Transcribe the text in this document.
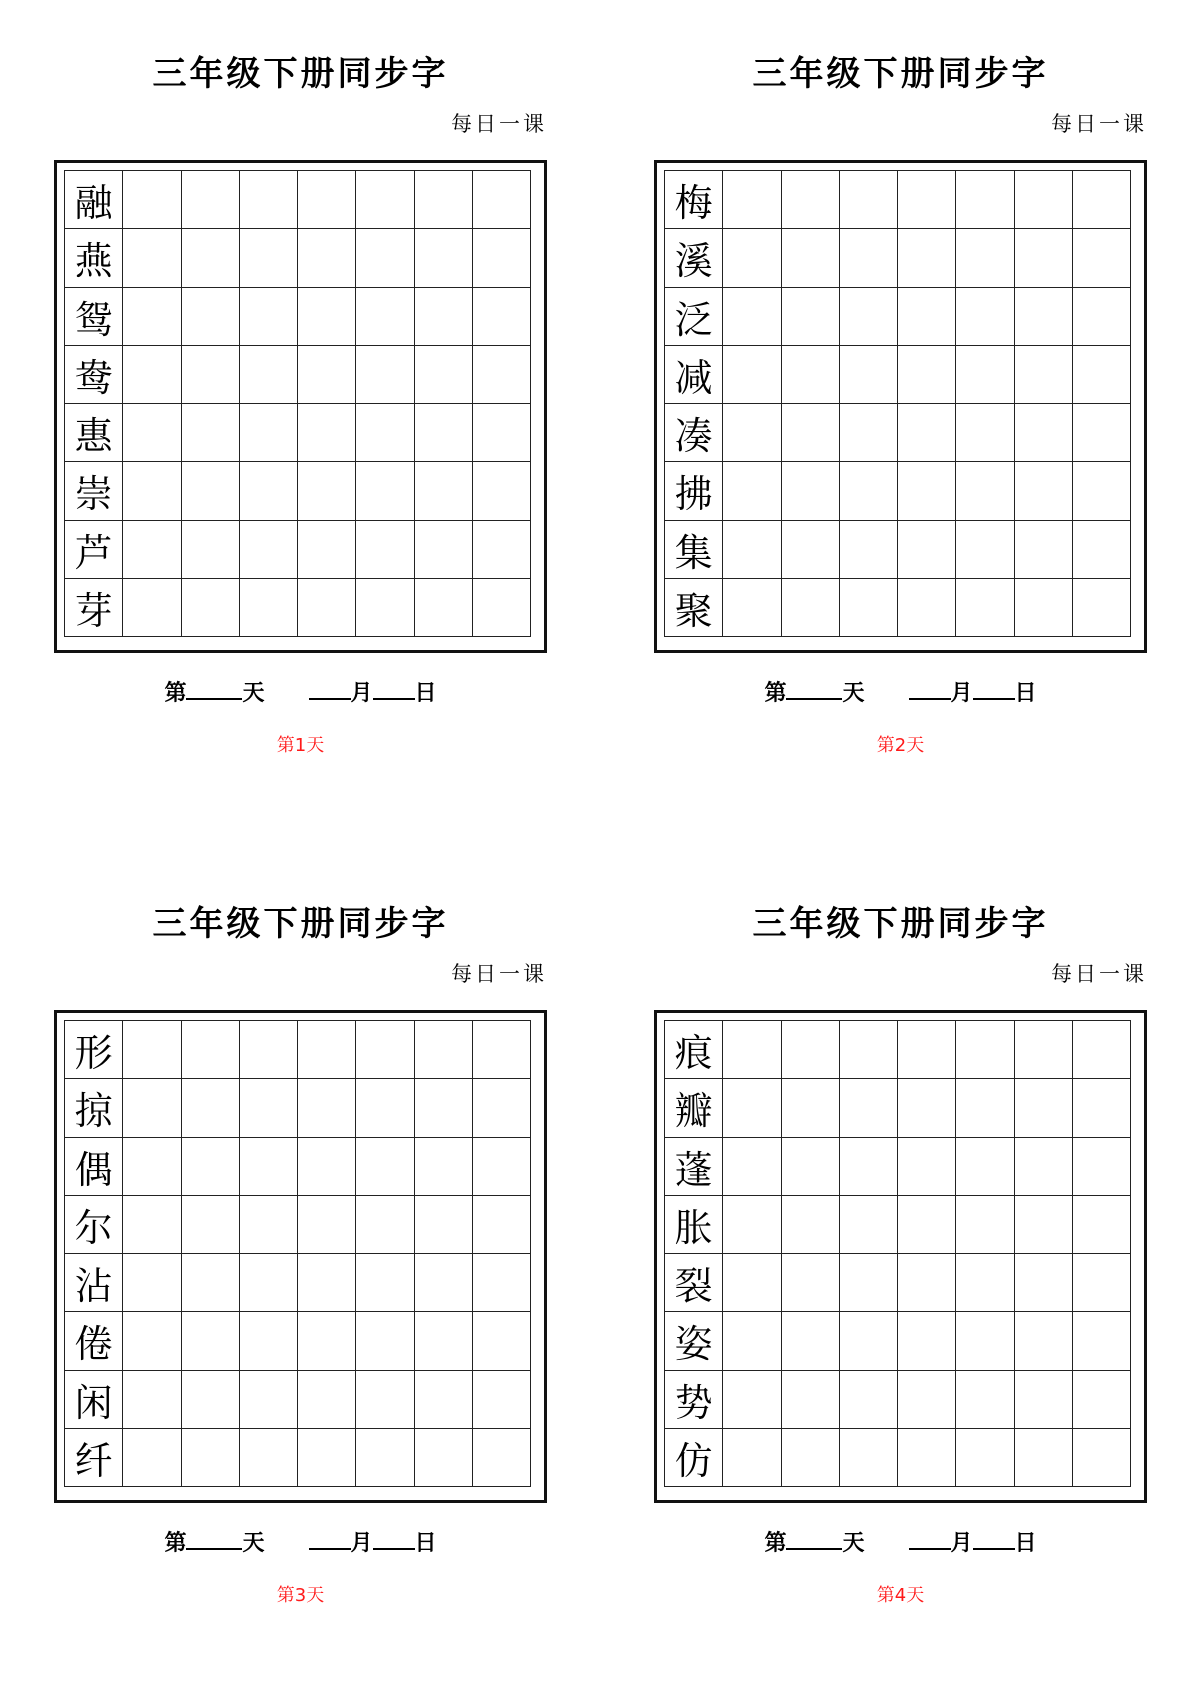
三年级下册同步字
每日一课
融
燕
鸳
鸯
惠
崇
芦
芽
第	天	月 日
第1天
三年级下册同步字
每日一课
梅
溪
泛
减
凑
拂
集
聚
第	天	月 日
第2天
三年级下册同步字
每日一课
形
掠
偶
尔
沾
倦
闲
纤
第	天	月 日
第3天
三年级下册同步字
每日一课
痕
瓣
蓬
胀
裂
姿
势
仿
第	天	月 日
第4天
